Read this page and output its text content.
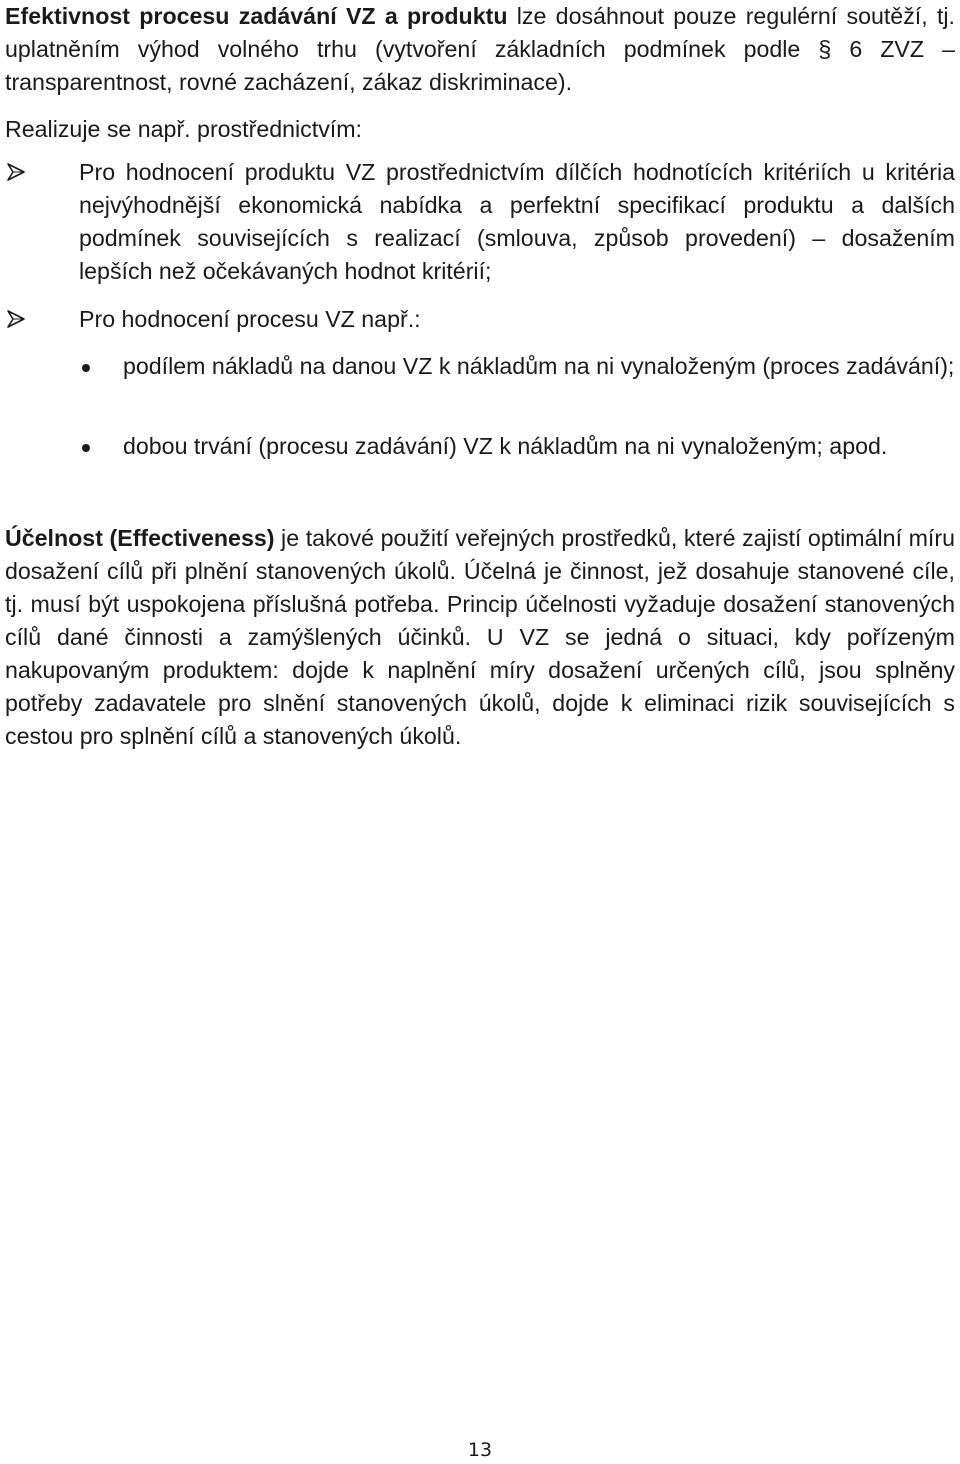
Efektivnost procesu zadávání VZ a produktu lze dosáhnout pouze regulérní soutěží, tj. uplatněním výhod volného trhu (vytvoření základních podmínek podle § 6 ZVZ – transparentnost, rovné zacházení, zákaz diskriminace).

Realizuje se např. prostřednictvím:

Pro hodnocení produktu VZ prostřednictvím dílčích hodnotících kritériích u kritéria nejvýhodnější ekonomická nabídka a perfektní specifikací produktu a dalších podmínek souvisejících s realizací (smlouva, způsob provedení) – dosažením lepších než očekávaných hodnot kritérií;
Pro hodnocení procesu VZ např.:
podílem nákladů na danou VZ k nákladům na ni vynaloženým (proces zadávání);
dobou trvání (procesu zadávání) VZ k nákladům na ni vynaloženým; apod.

Účelnost (Effectiveness) je takové použití veřejných prostředků, které zajistí optimální míru dosažení cílů při plnění stanovených úkolů. Účelná je činnost, jež dosahuje stanovené cíle, tj. musí být uspokojena příslušná potřeba. Princip účelnosti vyžaduje dosažení stanovených cílů dané činnosti a zamýšlených účinků. U VZ se jedná o situaci, kdy pořízeným nakupovaným produktem: dojde k naplnění míry dosažení určených cílů, jsou splněny potřeby zadavatele pro slnění stanovených úkolů, dojde k eliminaci rizik souvisejících s cestou pro splnění cílů a stanovených úkolů.

13
